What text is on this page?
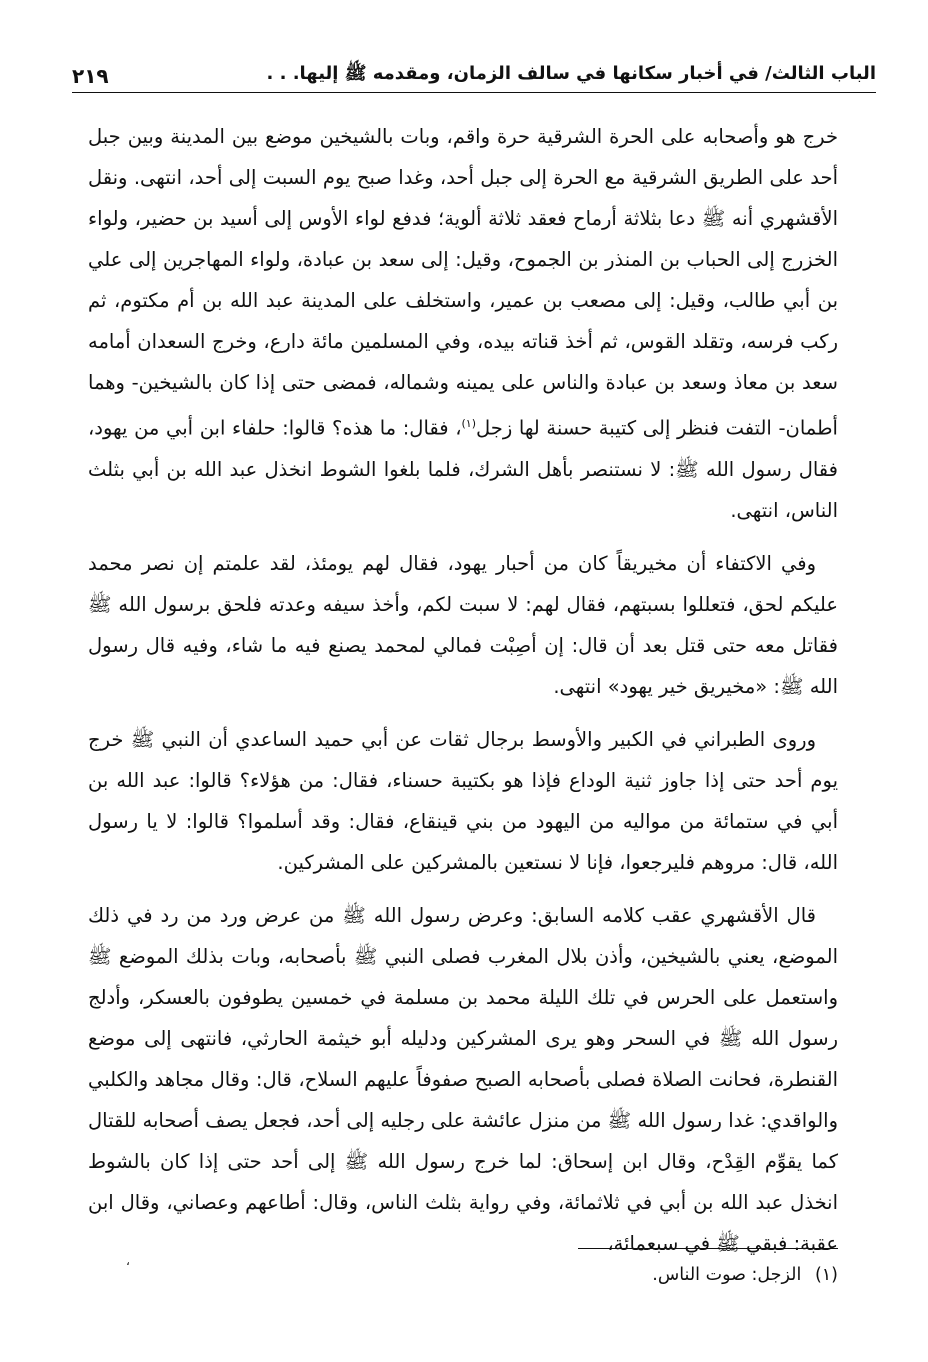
الباب الثالث/ في أخبار سكانها في سالف الزمان، ومقدمه ﷺ إليها. . .
٢١٩

خرج هو وأصحابه على الحرة الشرقية حرة واقم، وبات بالشيخين موضع بين المدينة وبين جبل أحد على الطريق الشرقية مع الحرة إلى جبل أحد، وغدا صبح يوم السبت إلى أحد، انتهى. ونقل الأقشهري أنه ﷺ دعا بثلاثة أرماح فعقد ثلاثة ألوية؛ فدفع لواء الأوس إلى أسيد بن حضير، ولواء الخزرج إلى الحباب بن المنذر بن الجموح، وقيل: إلى سعد بن عبادة، ولواء المهاجرين إلى علي بن أبي طالب، وقيل: إلى مصعب بن عمير، واستخلف على المدينة عبد الله بن أم مكتوم، ثم ركب فرسه، وتقلد القوس، ثم أخذ قناته بيده، وفي المسلمين مائة دارع، وخرج السعدان أمامه سعد بن معاذ وسعد بن عبادة والناس على يمينه وشماله، فمضى حتى إذا كان بالشيخين- وهما أطمان- التفت فنظر إلى كتيبة حسنة لها زجل$^{(١)}$، فقال: ما هذه؟ قالوا: حلفاء ابن أبي من يهود، فقال رسول الله ﷺ: لا نستنصر بأهل الشرك، فلما بلغوا الشوط انخذل عبد الله بن أبي بثلث الناس، انتهى.

وفي الاكتفاء أن مخيريقاً كان من أحبار يهود، فقال لهم يومئذ، لقد علمتم إن نصر محمد عليكم لحق، فتعللوا بسبتهم، فقال لهم: لا سبت لكم، وأخذ سيفه وعدته فلحق برسول الله ﷺ فقاتل معه حتى قتل بعد أن قال: إن أصِبْت فمالي لمحمد يصنع فيه ما شاء، وفيه قال رسول الله ﷺ: «مخيريق خير يهود» انتهى.

وروى الطبراني في الكبير والأوسط برجال ثقات عن أبي حميد الساعدي أن النبي ﷺ خرج يوم أحد حتى إذا جاوز ثنية الوداع فإذا هو بكتيبة حسناء، فقال: من هؤلاء؟ قالوا: عبد الله بن أبي في ستمائة من مواليه من اليهود من بني قينقاع، فقال: وقد أسلموا؟ قالوا: لا يا رسول الله، قال: مروهم فليرجعوا، فإنا لا نستعين بالمشركين على المشركين.

قال الأقشهري عقب كلامه السابق: وعرض رسول الله ﷺ من عرض ورد من رد في ذلك الموضع، يعني بالشيخين، وأذن بلال المغرب فصلى النبي ﷺ بأصحابه، وبات بذلك الموضع ﷺ واستعمل على الحرس في تلك الليلة محمد بن مسلمة في خمسين يطوفون بالعسكر، وأدلج رسول الله ﷺ في السحر وهو يرى المشركين ودليله أبو خيثمة الحارثي، فانتهى إلى موضع القنطرة، فحانت الصلاة فصلى بأصحابه الصبح صفوفاً عليهم السلاح، قال: وقال مجاهد والكلبي والواقدي: غدا رسول الله ﷺ من منزل عائشة على رجليه إلى أحد، فجعل يصف أصحابه للقتال كما يقوِّم القِدْح، وقال ابن إسحاق: لما خرج رسول الله ﷺ إلى أحد حتى إذا كان بالشوط انخذل عبد الله بن أبي في ثلاثمائة، وفي رواية بثلث الناس، وقال: أطاعهم وعصاني، وقال ابن عقبة: فبقي ﷺ في سبعمائة،

،
(١) الزجل: صوت الناس.
